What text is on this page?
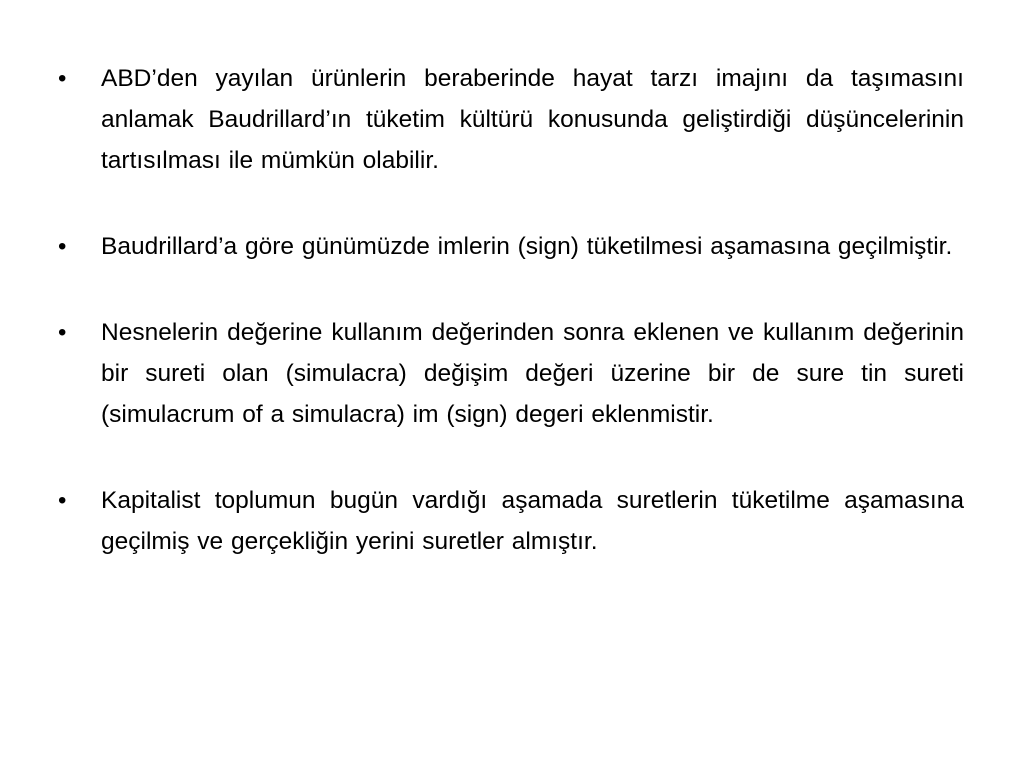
•	ABD’den yayılan ürünlerin beraberinde hayat tarzı imajını da taşımasını anlamak Baudrillard’ın tüketim kültürü konusunda geliştirdiği düşüncelerinin tartısılması ile mümkün olabilir.
•	Baudrillard’a göre günümüzde imlerin (sign) tüketilmesi aşamasına geçilmiştir.
•	Nesnelerin değerine kullanım değerinden sonra eklenen ve kullanım değerinin bir sureti olan (simulacra) değişim değeri üzerine bir de sure tin sureti (simulacrum of a simulacra) im (sign) degeri eklenmistir.
•	Kapitalist toplumun bugün vardığı aşamada suretlerin tüketilme aşamasına geçilmiş ve gerçekliğin yerini suretler almıştır.
